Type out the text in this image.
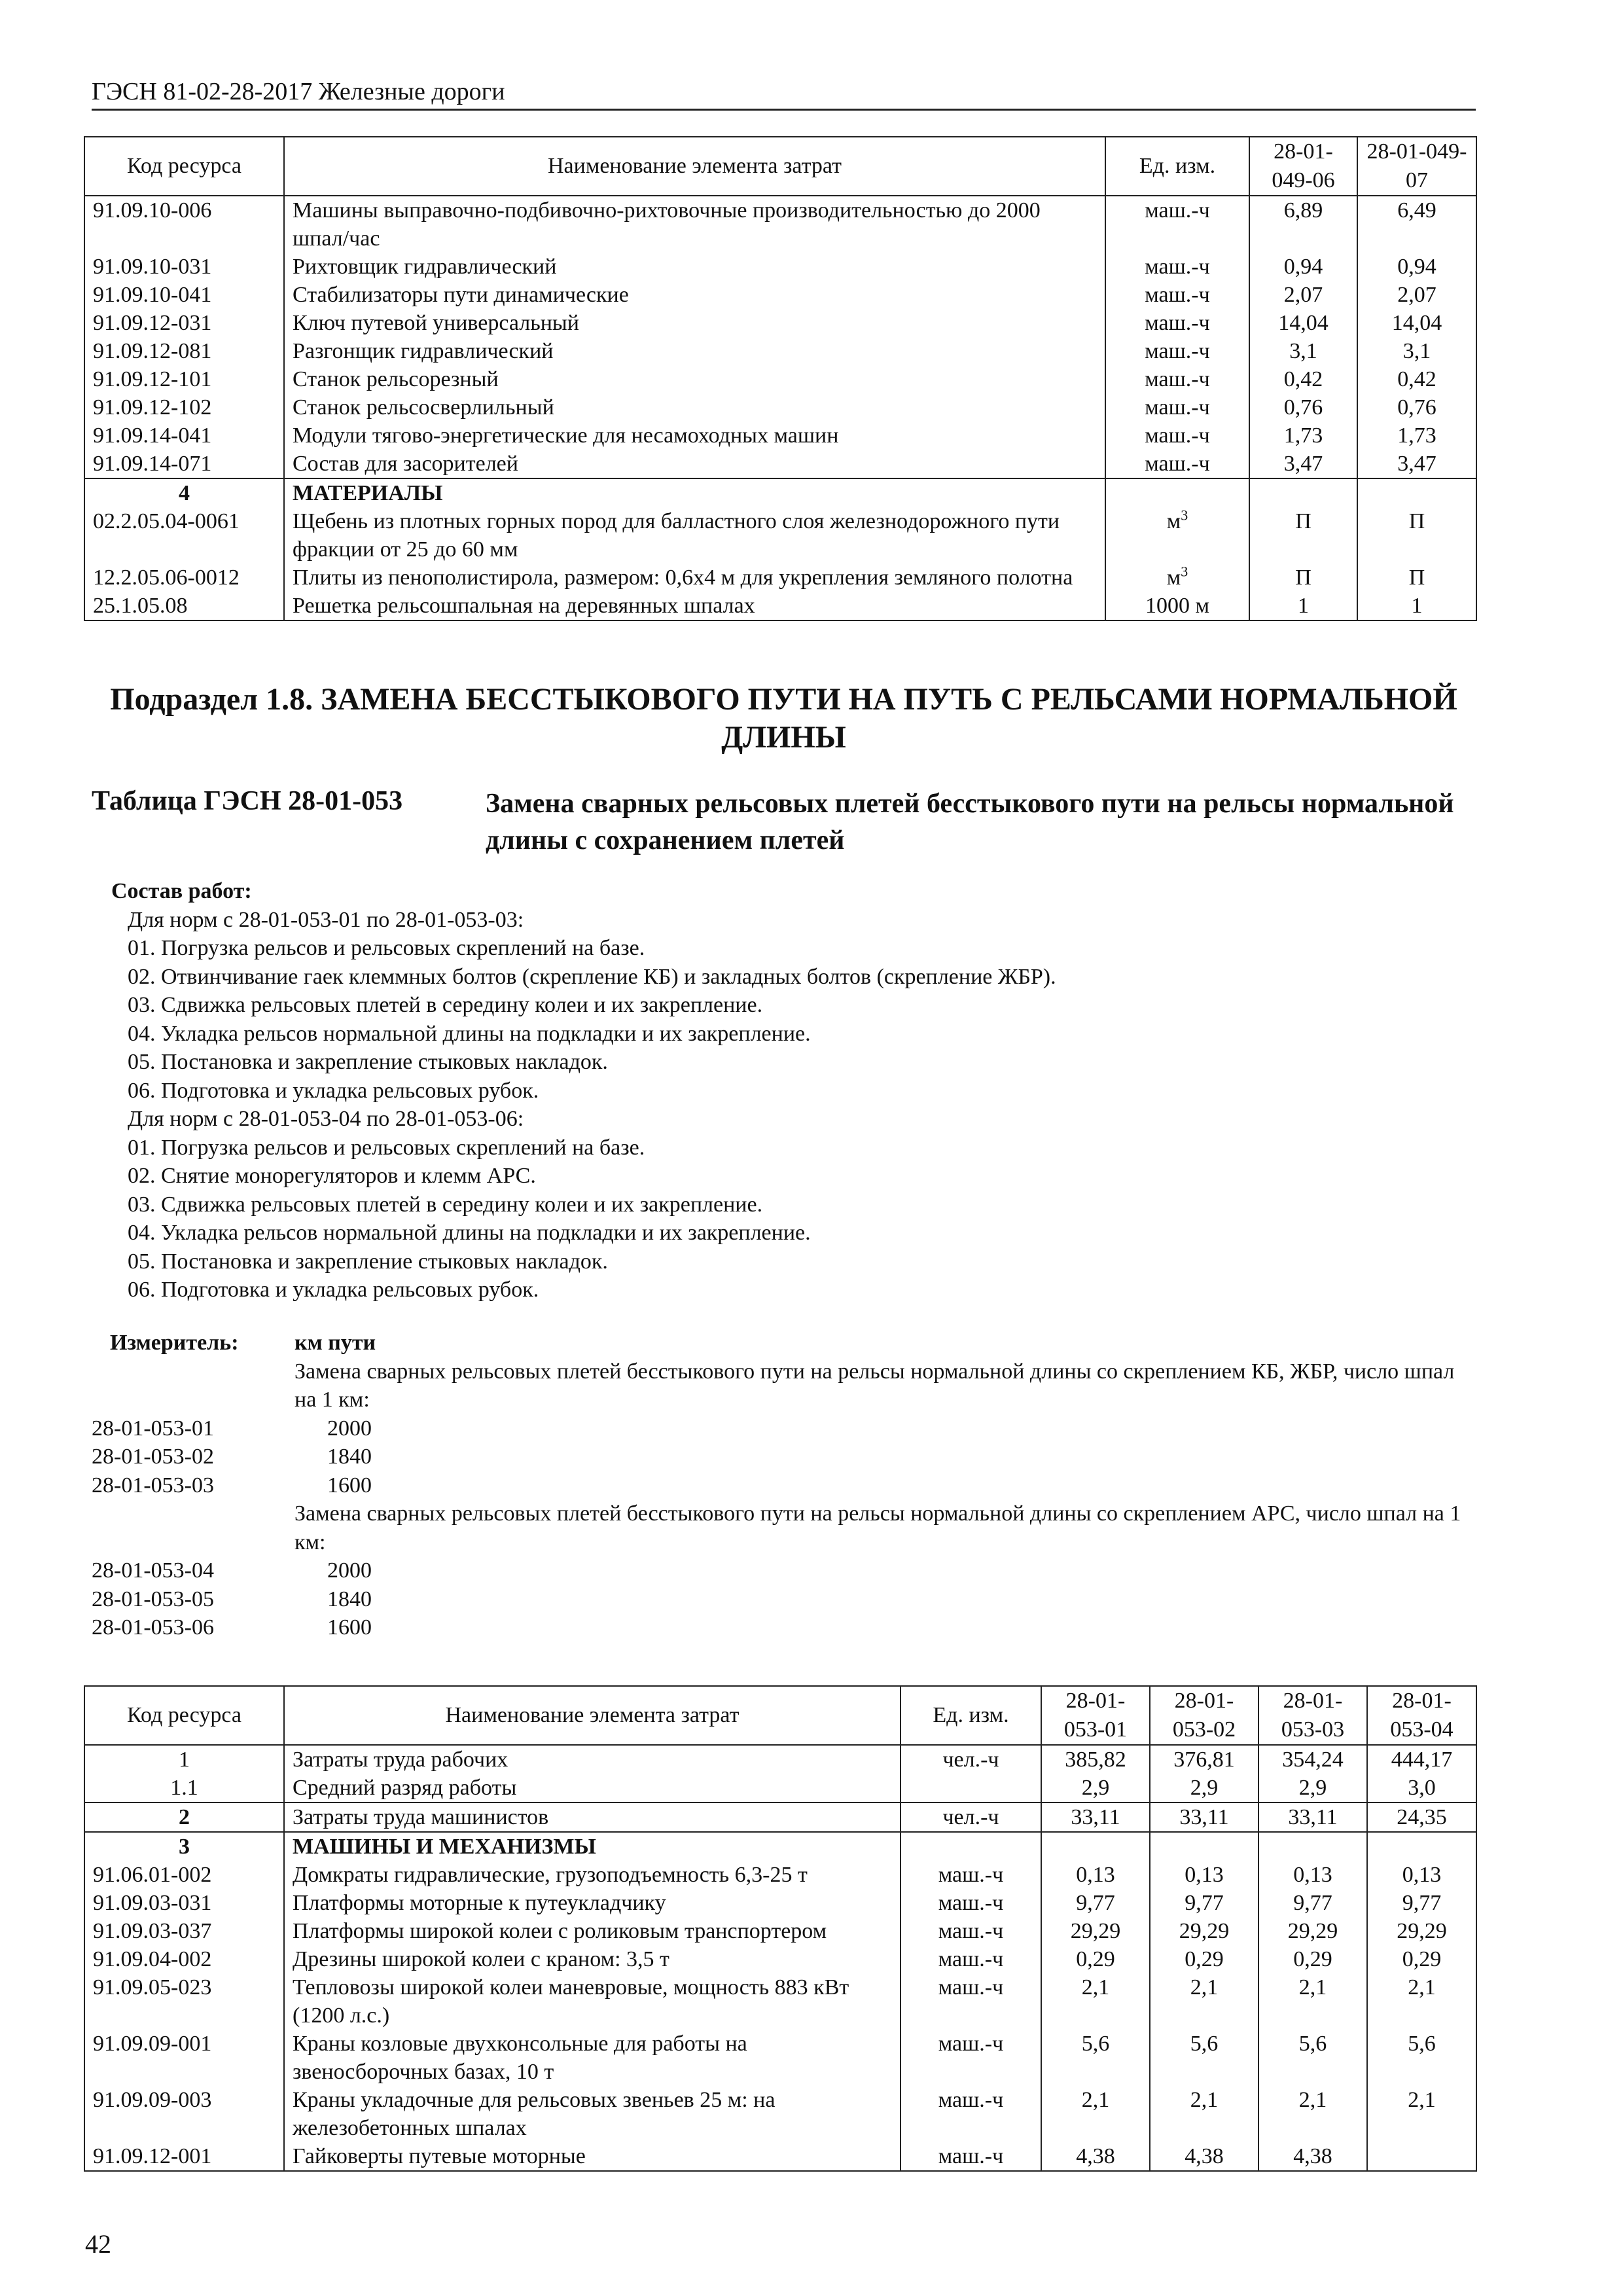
ГЭСН 81-02-28-2017 Железные дороги
Код ресурса	Наименование элемента затрат	Ед. изм.	28-01-049-06	28-01-049-07
91.09.10-006	Машины выправочно-подбивочно-рихтовочные производительностью до 2000 шпал/час	маш.-ч	6,89	6,49
91.09.10-031	Рихтовщик гидравлический	маш.-ч	0,94	0,94
91.09.10-041	Стабилизаторы пути динамические	маш.-ч	2,07	2,07
91.09.12-031	Ключ путевой универсальный	маш.-ч	14,04	14,04
91.09.12-081	Разгонщик гидравлический	маш.-ч	3,1	3,1
91.09.12-101	Станок рельсорезный	маш.-ч	0,42	0,42
91.09.12-102	Станок рельсосверлильный	маш.-ч	0,76	0,76
91.09.14-041	Модули тягово-энергетические для несамоходных машин	маш.-ч	1,73	1,73
91.09.14-071	Состав для засорителей	маш.-ч	3,47	3,47
4	МАТЕРИАЛЫ			
02.2.05.04-0061	Щебень из плотных горных пород для балластного слоя железнодорожного пути фракции от 25 до 60 мм	$м^3$	П	П
12.2.05.06-0012	Плиты из пенополистирола, размером: 0,6х4 м для укрепления земляного полотна	$м^3$	П	П
25.1.05.08	Решетка рельсошпальная на деревянных шпалах	1000 м	1	1
Подраздел 1.8. ЗАМЕНА БЕССТЫКОВОГО ПУТИ НА ПУТЬ С РЕЛЬСАМИ НОРМАЛЬНОЙ ДЛИНЫ
Таблица ГЭСН 28-01-053	Замена сварных рельсовых плетей бесстыкового пути на рельсы нормальной длины с сохранением плетей
Состав работ:
Для норм с 28-01-053-01 по 28-01-053-03:
01. Погрузка рельсов и рельсовых скреплений на базе.
02. Отвинчивание гаек клеммных болтов (скрепление КБ) и закладных болтов (скрепление ЖБР).
03. Сдвижка рельсовых плетей в середину колеи и их закрепление.
04. Укладка рельсов нормальной длины на подкладки и их закрепление.
05. Постановка и закрепление стыковых накладок.
06. Подготовка и укладка рельсовых рубок.
Для норм с 28-01-053-04 по 28-01-053-06:
01. Погрузка рельсов и рельсовых скреплений на базе.
02. Снятие монорегуляторов и клемм АРС.
03. Сдвижка рельсовых плетей в середину колеи и их закрепление.
04. Укладка рельсов нормальной длины на подкладки и их закрепление.
05. Постановка и закрепление стыковых накладок.
06. Подготовка и укладка рельсовых рубок.
Измеритель:	км пути
Замена сварных рельсовых плетей бесстыкового пути на рельсы нормальной длины со скреплением КБ, ЖБР, число шпал на 1 км:
28-01-053-01	2000
28-01-053-02	1840
28-01-053-03	1600
Замена сварных рельсовых плетей бесстыкового пути на рельсы нормальной длины со скреплением АРС, число шпал на 1 км:
28-01-053-04	2000
28-01-053-05	1840
28-01-053-06	1600
Код ресурса	Наименование элемента затрат	Ед. изм.	28-01-053-01	28-01-053-02	28-01-053-03	28-01-053-04
1	Затраты труда рабочих	чел.-ч	385,82	376,81	354,24	444,17
1.1	Средний разряд работы		2,9	2,9	2,9	3,0
2	Затраты труда машинистов	чел.-ч	33,11	33,11	33,11	24,35
3	МАШИНЫ И МЕХАНИЗМЫ					
91.06.01-002	Домкраты гидравлические, грузоподъемность 6,3-25 т	маш.-ч	0,13	0,13	0,13	0,13
91.09.03-031	Платформы моторные к путеукладчику	маш.-ч	9,77	9,77	9,77	9,77
91.09.03-037	Платформы широкой колеи с роликовым транспортером	маш.-ч	29,29	29,29	29,29	29,29
91.09.04-002	Дрезины широкой колеи с краном: 3,5 т	маш.-ч	0,29	0,29	0,29	0,29
91.09.05-023	Тепловозы широкой колеи маневровые, мощность 883 кВт (1200 л.с.)	маш.-ч	2,1	2,1	2,1	2,1
91.09.09-001	Краны козловые двухконсольные для работы на звеносборочных базах, 10 т	маш.-ч	5,6	5,6	5,6	5,6
91.09.09-003	Краны укладочные для рельсовых звеньев 25 м: на железобетонных шпалах	маш.-ч	2,1	2,1	2,1	2,1
91.09.12-001	Гайковерты путевые моторные	маш.-ч	4,38	4,38	4,38	
42
